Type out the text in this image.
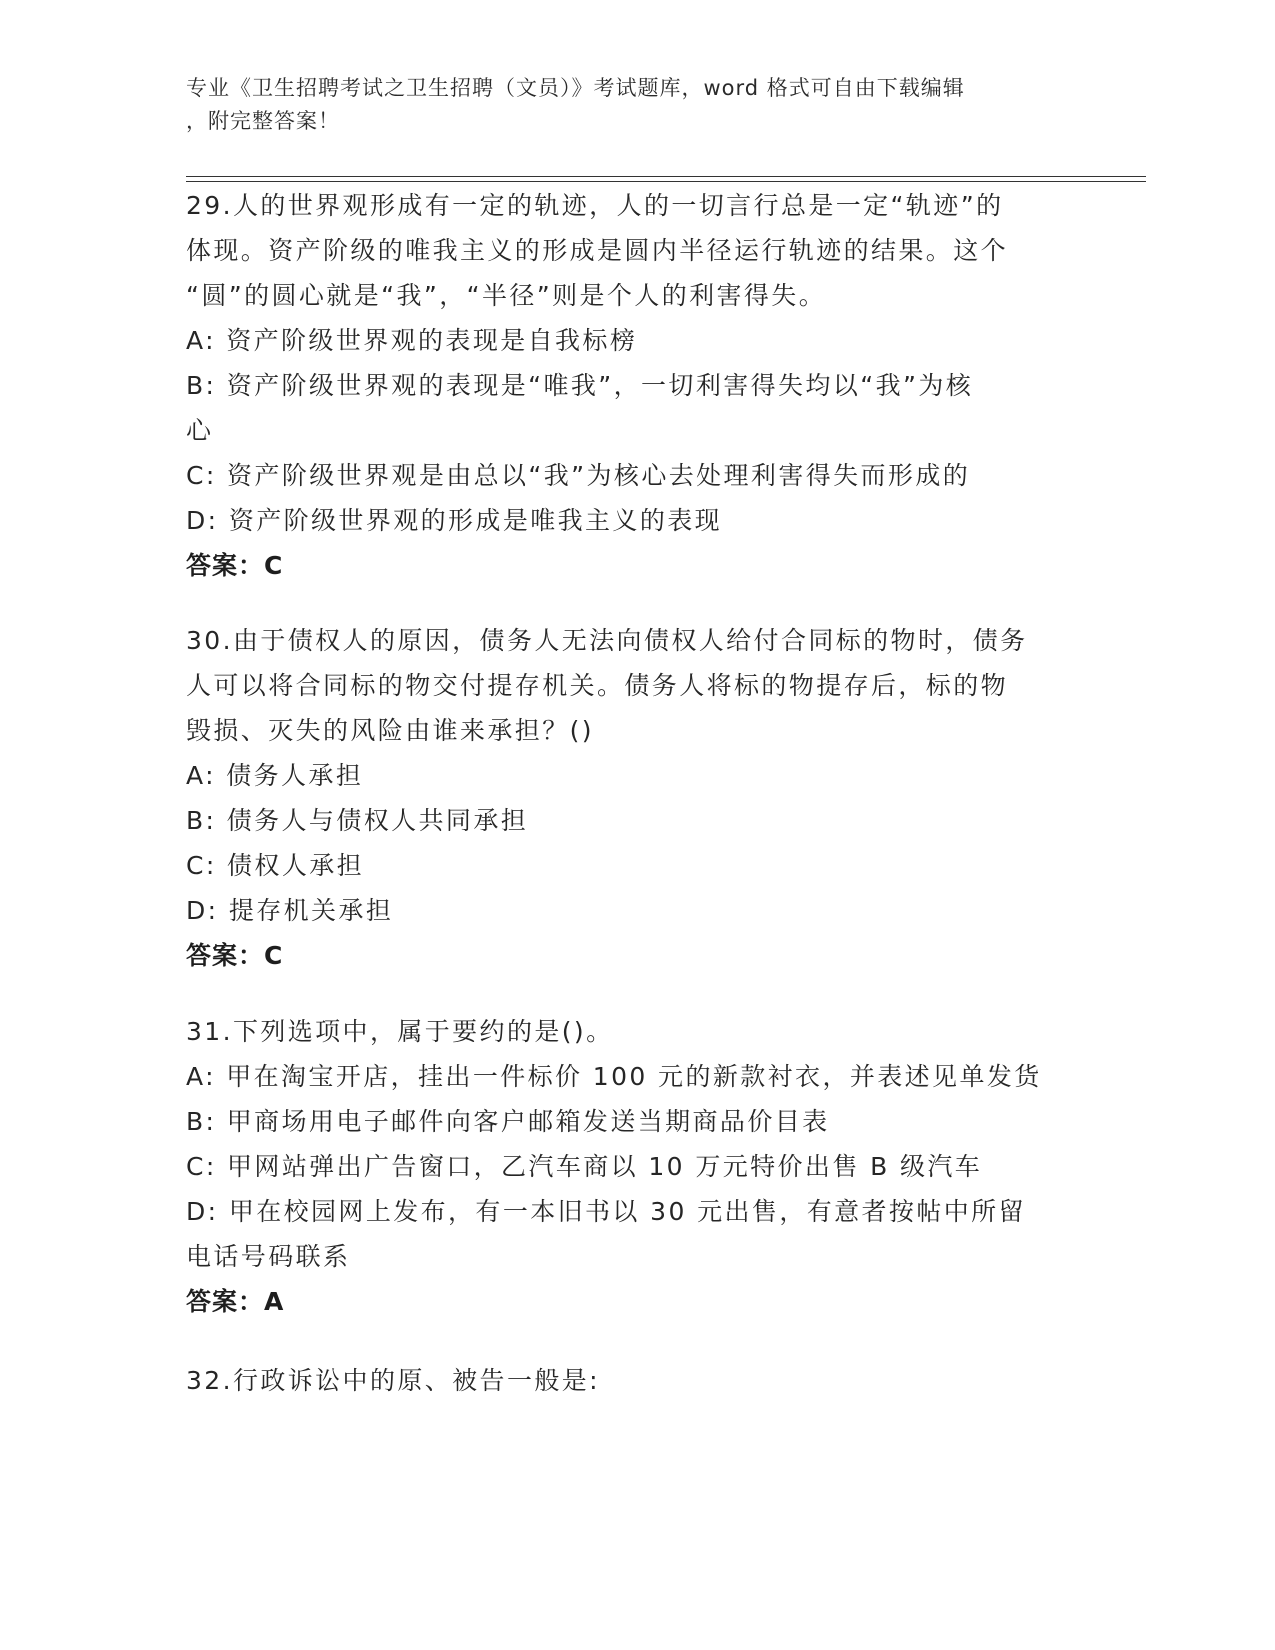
专业《卫生招聘考试之卫生招聘（文员）》考试题库，word 格式可自由下载编辑
，附完整答案！
29.人的世界观形成有一定的轨迹，人的一切言行总是一定“轨迹”的
体现。资产阶级的唯我主义的形成是圆内半径运行轨迹的结果。这个
“圆”的圆心就是“我”，“半径”则是个人的利害得失。
A: 资产阶级世界观的表现是自我标榜
B: 资产阶级世界观的表现是“唯我”，一切利害得失均以“我”为核
心
C: 资产阶级世界观是由总以“我”为核心去处理利害得失而形成的
D: 资产阶级世界观的形成是唯我主义的表现
答案：C
30.由于债权人的原因，债务人无法向债权人给付合同标的物时，债务
人可以将合同标的物交付提存机关。债务人将标的物提存后，标的物
毁损、灭失的风险由谁来承担？()
A: 债务人承担
B: 债务人与债权人共同承担
C: 债权人承担
D: 提存机关承担
答案：C
31.下列选项中，属于要约的是()。
A: 甲在淘宝开店，挂出一件标价 100 元的新款衬衣，并表述见单发货
B: 甲商场用电子邮件向客户邮箱发送当期商品价目表
C: 甲网站弹出广告窗口，乙汽车商以 10 万元特价出售 B 级汽车
D: 甲在校园网上发布，有一本旧书以 30 元出售，有意者按帖中所留
电话号码联系
答案：A
32.行政诉讼中的原、被告一般是:
